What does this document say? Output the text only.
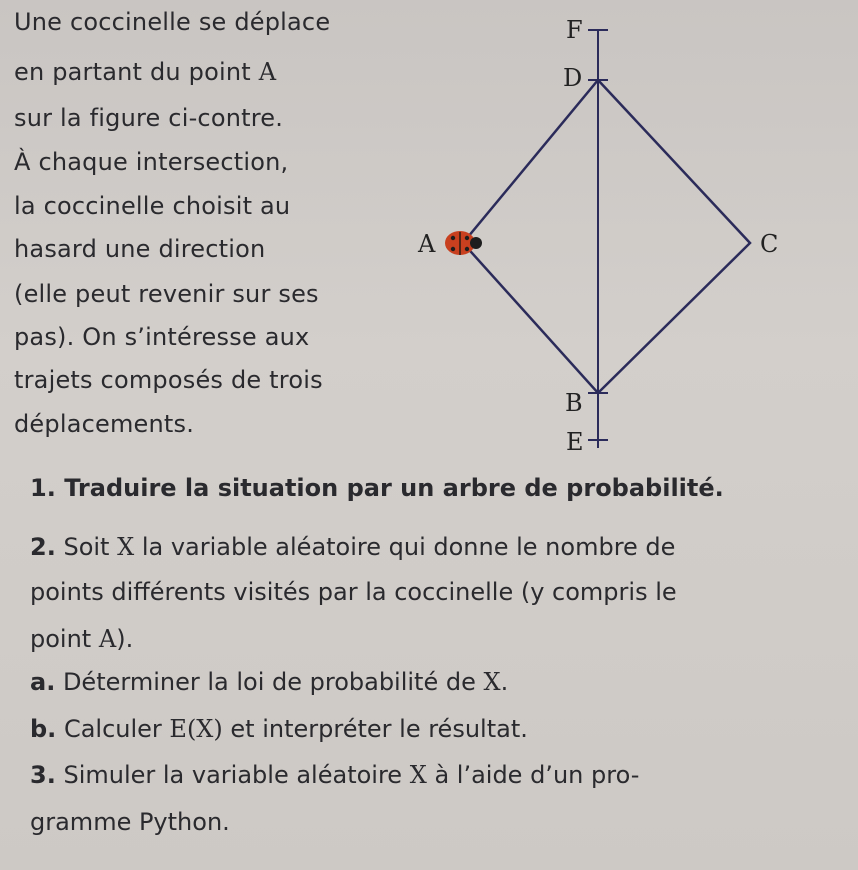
Une coccinelle se déplace
en partant du point A
sur la figure ci-contre.
À chaque intersection,
la coccinelle choisit au
hasard une direction
(elle peut revenir sur ses
pas). On s’intéresse aux
trajets composés de trois
déplacements.
F
D
A	C
B
E
1. Traduire la situation par un arbre de probabilité.
2. Soit X la variable aléatoire qui donne le nombre de
points différents visités par la coccinelle (y compris le
point A).
a. Déterminer la loi de probabilité de X.
b. Calculer E(X) et interpréter le résultat.
3. Simuler la variable aléatoire X à l’aide d’un pro-
gramme Python.
